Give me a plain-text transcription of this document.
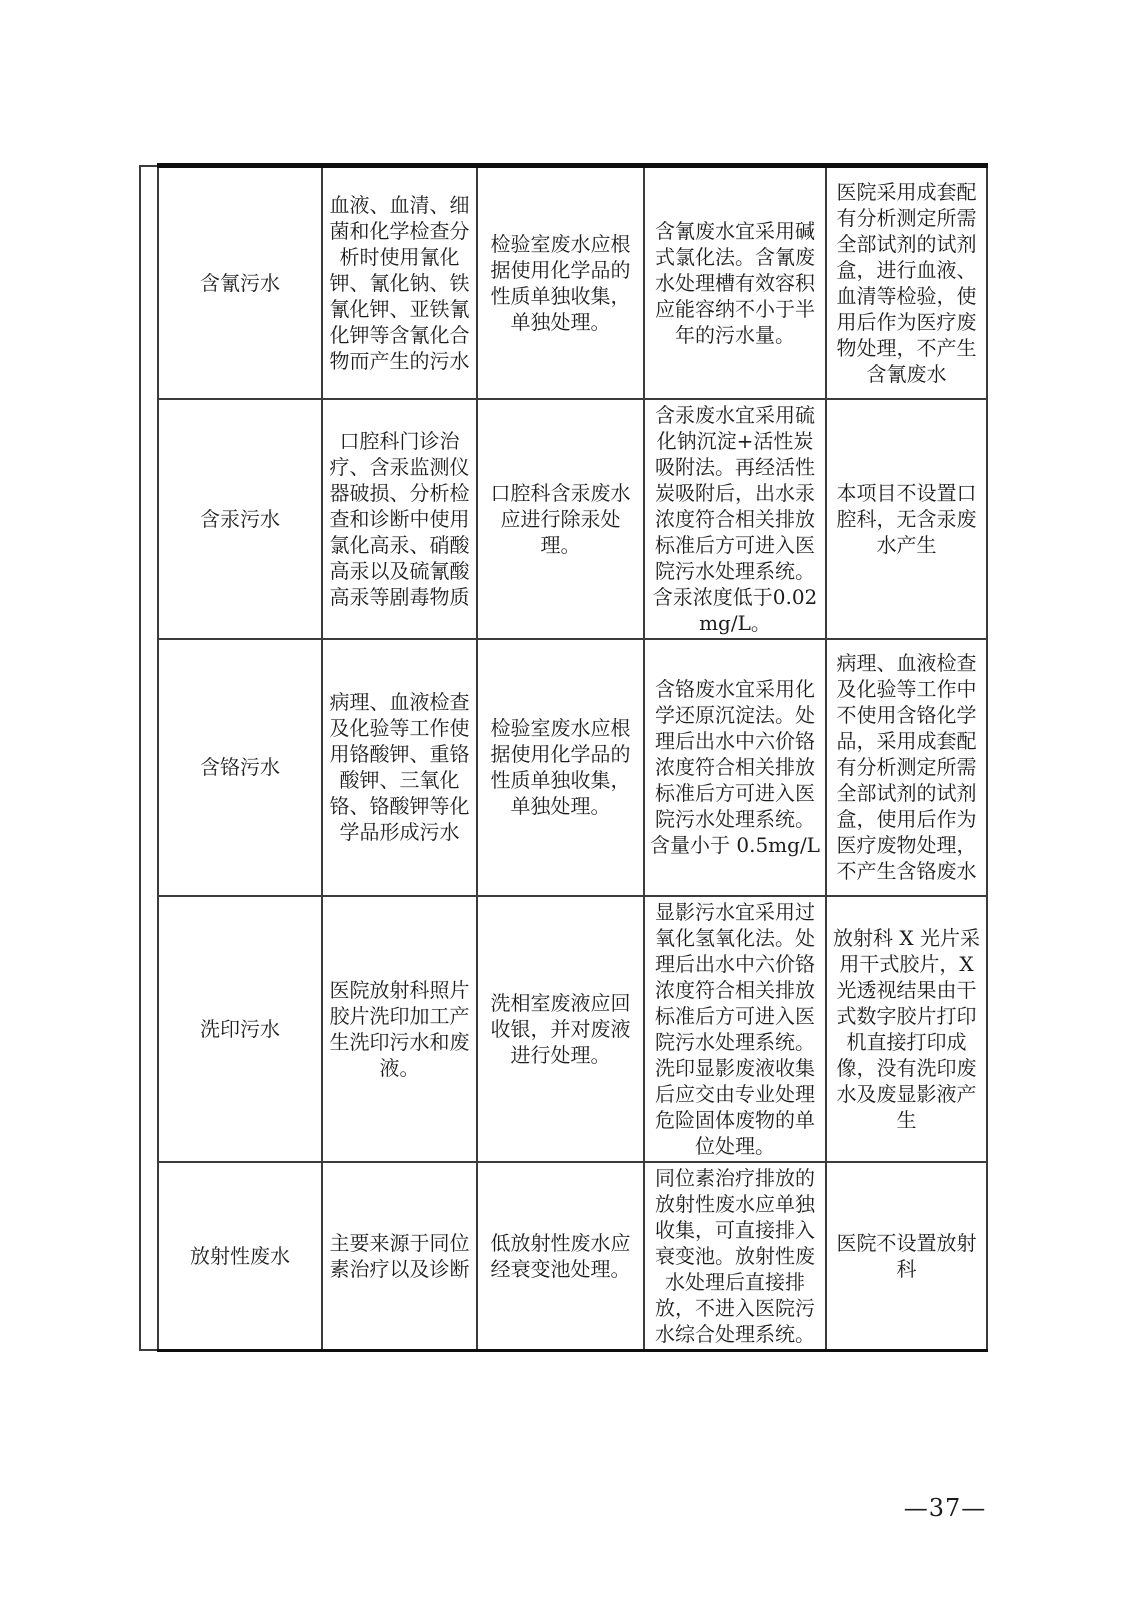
	含氰污水	血液、血清、细菌和化学检查分析时使用氰化钾、氰化钠、铁氰化钾、亚铁氰化钾等含氰化合物而产生的污水	检验室废水应根据使用化学品的性质单独收集，单独处理。	含氰废水宜采用碱式氯化法。含氰废水处理槽有效容积应能容纳不小于半年的污水量。	医院采用成套配有分析测定所需全部试剂的试剂盒，进行血液、血清等检验，使用后作为医疗废物处理，不产生含氰废水
	含汞污水	口腔科门诊治疗、含汞监测仪器破损、分析检查和诊断中使用氯化高汞、硝酸高汞以及硫氰酸高汞等剧毒物质	口腔科含汞废水应进行除汞处理。	含汞废水宜采用硫化钠沉淀+活性炭吸附法。再经活性炭吸附后，出水汞浓度符合相关排放标准后方可进入医院污水处理系统。含汞浓度低于0.02mg/L。	本项目不设置口腔科，无含汞废水产生
	含铬污水	病理、血液检查及化验等工作使用铬酸钾、重铬酸钾、三氧化铬、铬酸钾等化学品形成污水	检验室废水应根据使用化学品的性质单独收集，单独处理。	含铬废水宜采用化学还原沉淀法。处理后出水中六价铬浓度符合相关排放标准后方可进入医院污水处理系统。含量小于 0.5mg/L	病理、血液检查及化验等工作中不使用含铬化学品，采用成套配有分析测定所需全部试剂的试剂盒，使用后作为医疗废物处理，不产生含铬废水
	洗印污水	医院放射科照片胶片洗印加工产生洗印污水和废液。	洗相室废液应回收银，并对废液进行处理。	显影污水宜采用过氧化氢氧化法。处理后出水中六价铬浓度符合相关排放标准后方可进入医院污水处理系统。洗印显影废液收集后应交由专业处理危险固体废物的单位处理。	放射科 X 光片采用干式胶片，X 光透视结果由干式数字胶片打印机直接打印成像，没有洗印废水及废显影液产生
	放射性废水	主要来源于同位素治疗以及诊断	低放射性废水应经衰变池处理。	同位素治疗排放的放射性废水应单独收集，可直接排入衰变池。放射性废水处理后直接排放，不进入医院污水综合处理系统。	医院不设置放射科
—37—
